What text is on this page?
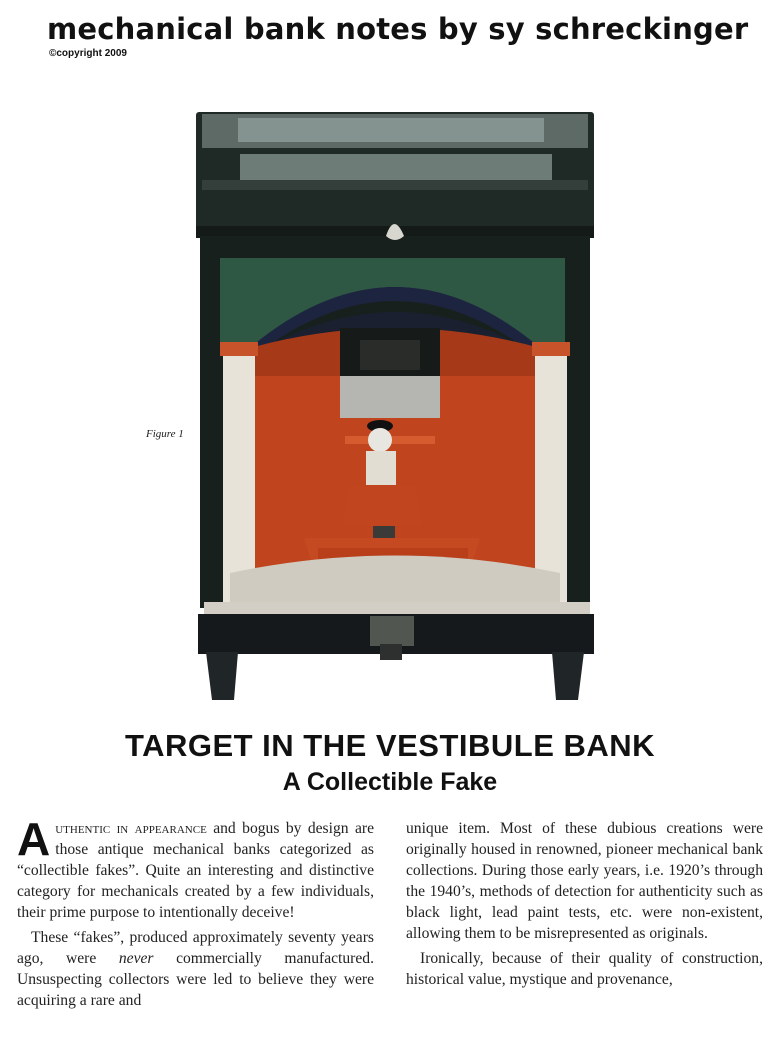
mechanical bank notes by sy schreckinger
©copyright 2009
Figure 1
TARGET IN THE VESTIBULE BANK
A Collectible Fake

Authentic in appearance and bogus by design are those antique mechanical banks categorized as “collectible fakes”. Quite an interesting and distinctive category for mechanicals created by a few individuals, their prime purpose to intentionally deceive!

These “fakes”, produced approximately seventy years ago, were never commercially manufactured. Unsuspecting collectors were led to believe they were acquiring a rare and

unique item. Most of these dubious creations were originally housed in renowned, pioneer mechanical bank collections. During those early years, i.e. 1920’s through the 1940’s, methods of detection for authenticity such as black light, lead paint tests, etc. were non-existent, allowing them to be misrepresented as originals.

Ironically, because of their quality of construction, historical value, mystique and provenance,
